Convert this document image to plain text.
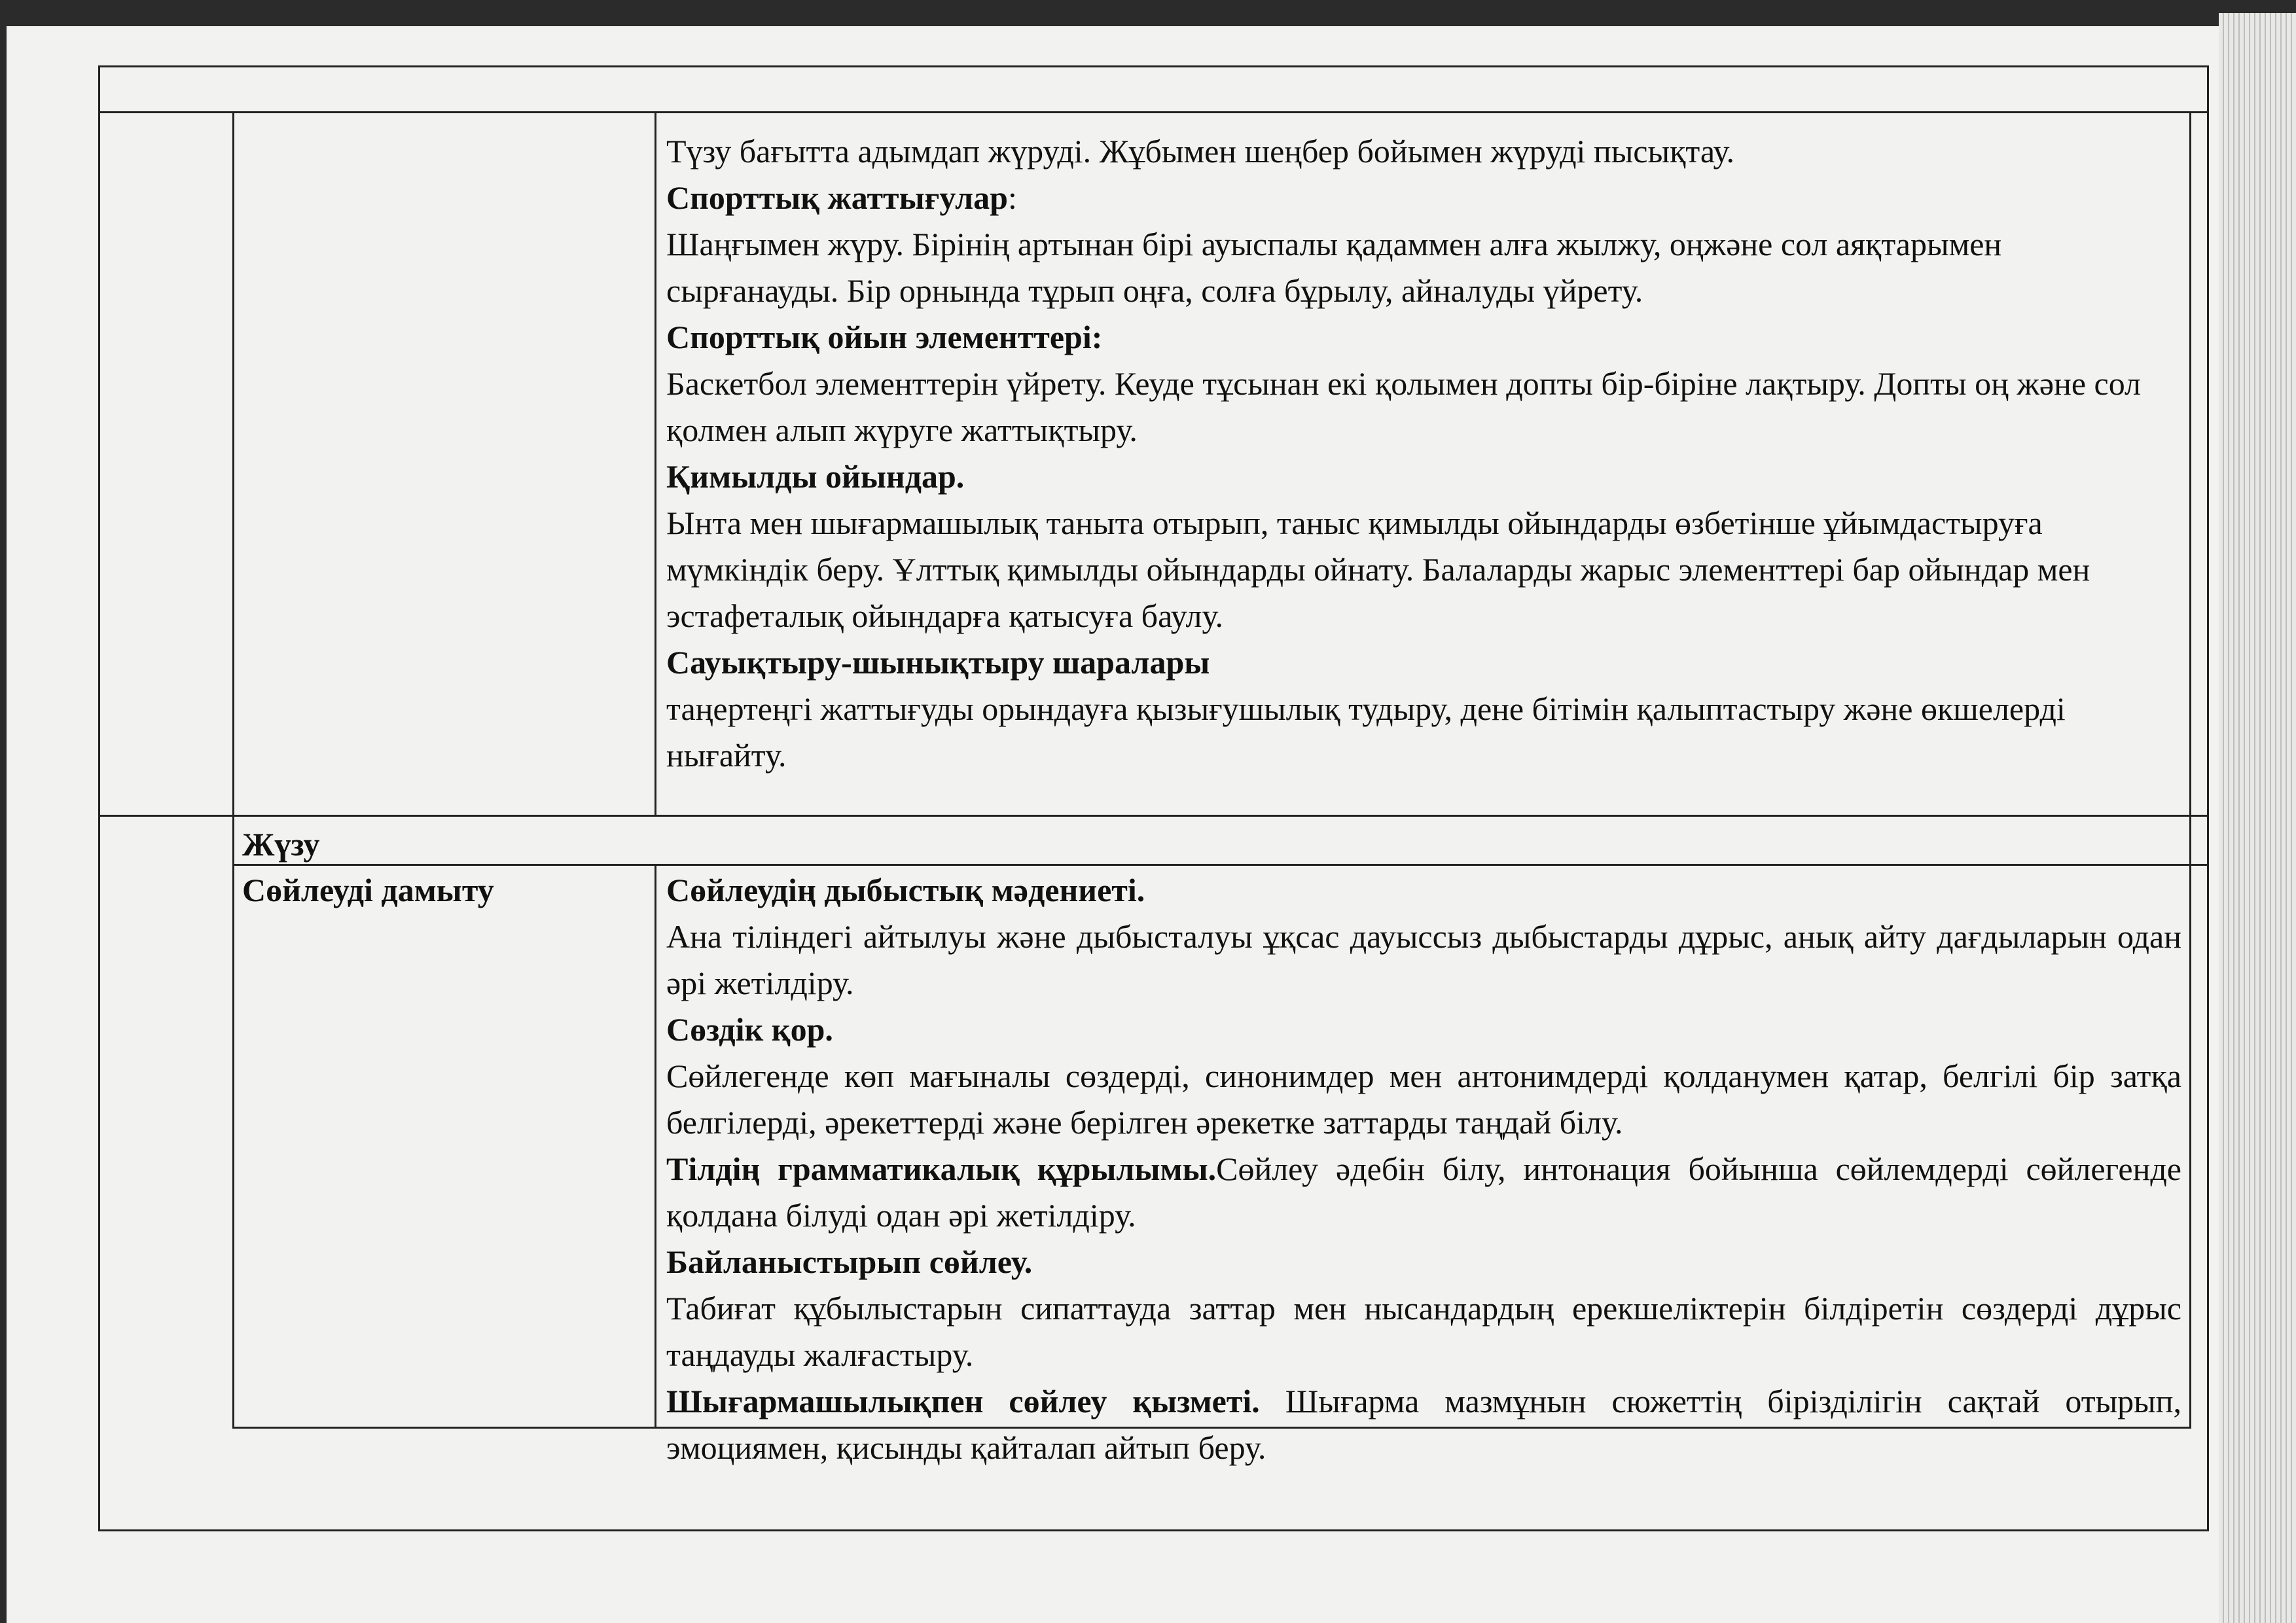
Түзу бағытта адымдап жүруді. Жұбымен шеңбер бойымен жүруді пысықтау.

Спорттық жаттығулар:

Шаңғымен жүру. Бірінің артынан бірі ауыспалы қадаммен алға жылжу, оңжәне сол аяқтарымен сырғанауды. Бір орнында тұрып оңға, солға бұрылу, айналуды үйрету.

Спорттық ойын элементтері:

Баскетбол элементтерін үйрету. Кеуде тұсынан екі қолымен допты бір-біріне лақтыру. Допты оң және сол қолмен алып жүруге жаттықтыру.

Қимылды ойындар.

Ынта мен шығармашылық таныта отырып, таныс қимылды ойындарды өзбетінше ұйымдастыруға мүмкіндік беру. Ұлттық қимылды ойындарды ойнату. Балаларды жарыс элементтері бар ойындар мен эстафеталық ойындарға қатысуға баулу.

Сауықтыру-шынықтыру шаралары

таңертеңгі жаттығуды орындауға қызығушылық тудыру, дене бітімін қалыптастыру және өкшелерді нығайту.

Жүзу
Сөйлеуді дамыту	Сөйлеудің дыбыстық мәдениеті.

Ана тіліндегі айтылуы және дыбысталуы ұқсас дауыссыз дыбыстарды дұрыс, анық айту дағдыларын одан әрі жетілдіру.

Сөздік қор.

Сөйлегенде көп мағыналы сөздерді, синонимдер мен антонимдерді қолданумен қатар, белгілі бір затқа белгілерді, әрекеттерді және берілген әрекетке заттарды таңдай білу.

Тілдің грамматикалық құрылымы.Сөйлеу әдебін білу, интонация бойынша сөйлемдерді сөйлегенде қолдана білуді одан әрі жетілдіру.

Байланыстырып сөйлеу.

Табиғат құбылыстарын сипаттауда заттар мен нысандардың ерекшеліктерін білдіретін сөздерді дұрыс таңдауды жалғастыру.

Шығармашылықпен сөйлеу қызметі. Шығарма мазмұнын сюжеттің бірізділігін сақтай отырып, эмоциямен, қисынды қайталап айтып беру.
